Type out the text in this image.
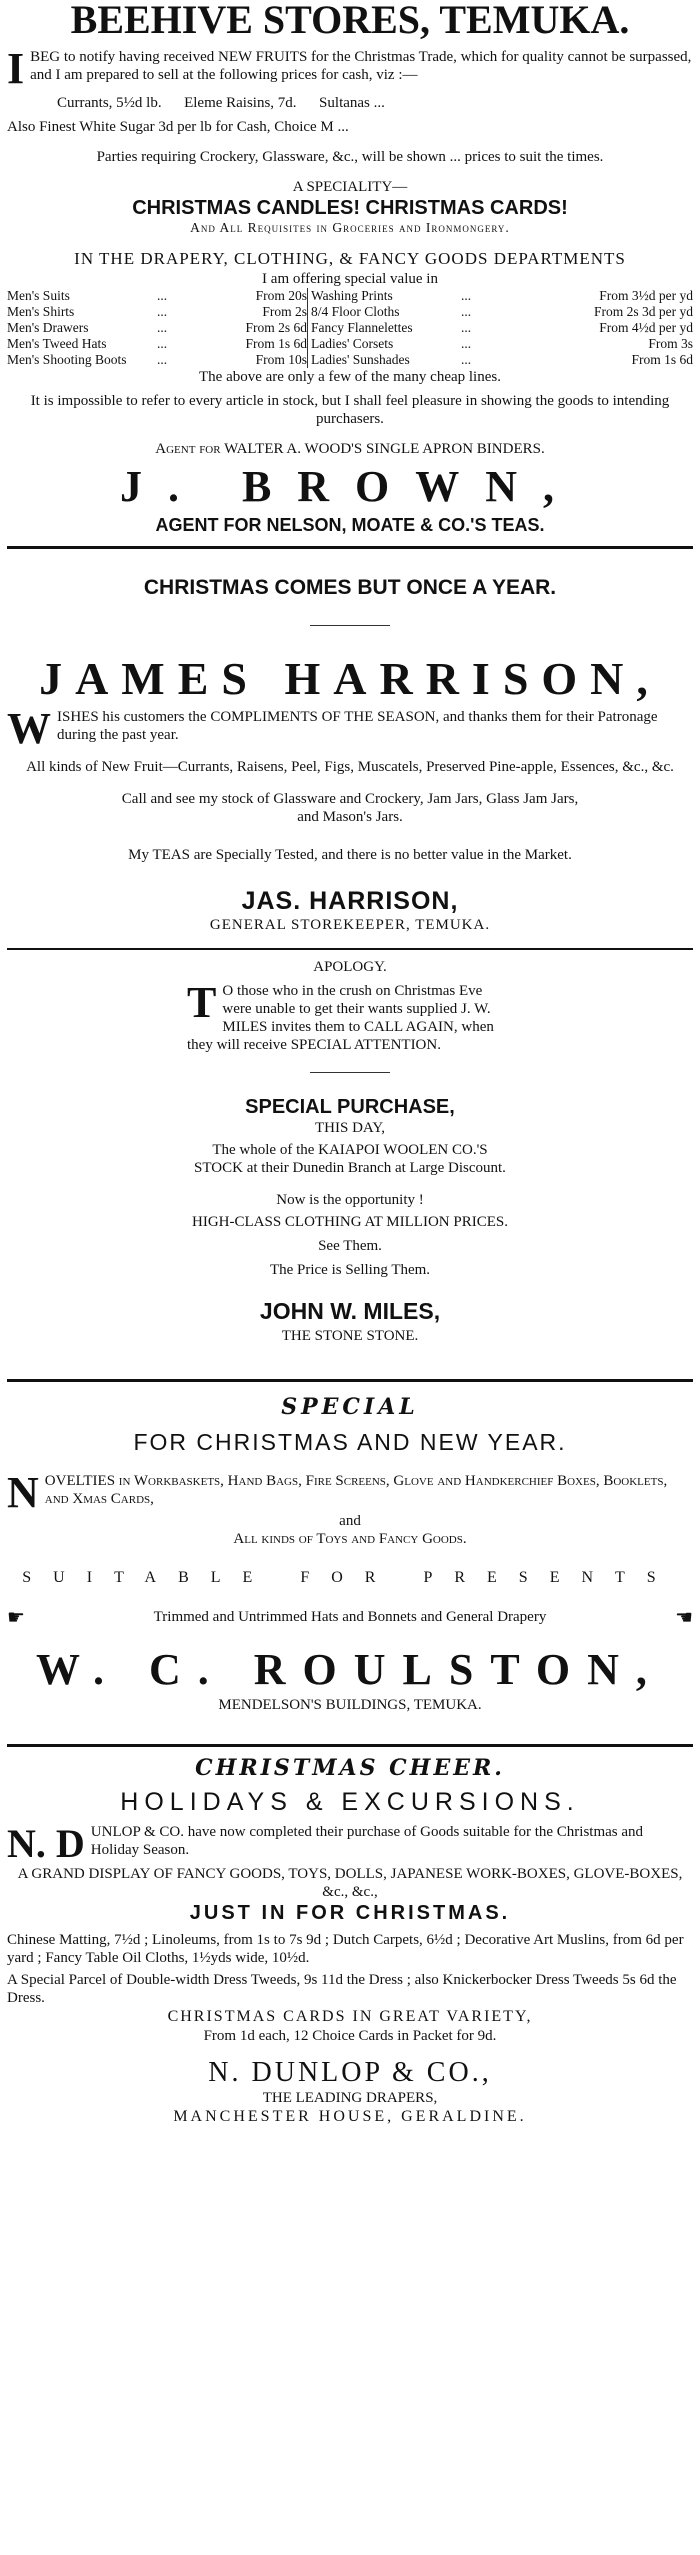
BEEHIVE STORES, TEMUKA.
I BEG to notify having received NEW FRUITS for the Christmas Trade, which for quality cannot be surpassed, and I am prepared to sell at the following prices for cash, viz :—
Currants, 5½d lb.      Eleme Raisins, 7d.      Sultanas ...
Also Finest White Sugar 3d per lb for Cash, Choice M ...
Parties requiring Crockery, Glassware, &c., will be shown ... prices to suit the times.
A SPECIALITY—
CHRISTMAS CANDLES! CHRISTMAS CARDS!
And All Requisites in Groceries and Ironmongery.
IN THE DRAPERY, CLOTHING, & FANCY GOODS DEPARTMENTS
I am offering special value in
Men's Suits	...	From 20s	Washing Prints	...	From 3½d per yd
Men's Shirts	...	From 2s	8/4 Floor Cloths	...	From 2s 3d per yd
Men's Drawers	...	From 2s 6d	Fancy Flannelettes	...	From 4½d per yd
Men's Tweed Hats	...	From 1s 6d	Ladies' Corsets	...	From 3s
Men's Shooting Boots	...	From 10s	Ladies' Sunshades	...	From 1s 6d
The above are only a few of the many cheap lines.
It is impossible to refer to every article in stock, but I shall feel pleasure in showing the goods to intending purchasers.
Agent for WALTER A. WOOD'S SINGLE APRON BINDERS.
J. BROWN,
AGENT FOR NELSON, MOATE & CO.'S TEAS.
CHRISTMAS COMES BUT ONCE A YEAR.
JAMES HARRISON,
W ISHES his customers the COMPLIMENTS OF THE SEASON, and thanks them for their Patronage during the past year.
All kinds of New Fruit—Currants, Raisens, Peel, Figs, Muscatels, Preserved Pine-apple, Essences, &c., &c.
Call and see my stock of Glassware and Crockery, Jam Jars, Glass Jam Jars, and Mason's Jars.
My TEAS are Specially Tested, and there is no better value in the Market.
JAS. HARRISON,
GENERAL STOREKEEPER, TEMUKA.
APOLOGY.
T O those who in the crush on Christmas Eve were unable to get their wants supplied J. W. MILES invites them to CALL AGAIN, when they will receive SPECIAL ATTENTION.
SPECIAL PURCHASE,
THIS DAY,
The whole of the KAIAPOI WOOLEN CO.'S STOCK at their Dunedin Branch at Large Discount.
Now is the opportunity !
HIGH-CLASS CLOTHING AT MILLION PRICES.
See Them.
The Price is Selling Them.
JOHN W. MILES,
THE STONE STONE.
SPECIAL
FOR CHRISTMAS AND NEW YEAR.
N OVELTIES in Workbaskets, Hand Bags, Fire Screens, Glove and Handkerchief Boxes, Booklets, and Xmas Cards,
and
All kinds of Toys and Fancy Goods.
SUITABLE FOR PRESENTS
☛	Trimmed and Untrimmed Hats and Bonnets and General Drapery	☚
W. C. ROULSTON,
MENDELSON'S BUILDINGS, TEMUKA.
CHRISTMAS CHEER.
HOLIDAYS & EXCURSIONS.
N. D UNLOP & CO. have now completed their purchase of Goods suitable for the Christmas and Holiday Season.
A GRAND DISPLAY OF FANCY GOODS, TOYS, DOLLS, JAPANESE WORK-BOXES, GLOVE-BOXES, &c., &c.,
JUST IN FOR CHRISTMAS.
Chinese Matting, 7½d ; Linoleums, from 1s to 7s 9d ; Dutch Carpets, 6½d ; Decorative Art Muslins, from 6d per yard ; Fancy Table Oil Cloths, 1½yds wide, 10½d.
A Special Parcel of Double-width Dress Tweeds, 9s 11d the Dress ; also Knickerbocker Dress Tweeds 5s 6d the Dress.
CHRISTMAS CARDS IN GREAT VARIETY,
From 1d each, 12 Choice Cards in Packet for 9d.
N. DUNLOP & CO.,
THE LEADING DRAPERS,
MANCHESTER HOUSE, GERALDINE.
